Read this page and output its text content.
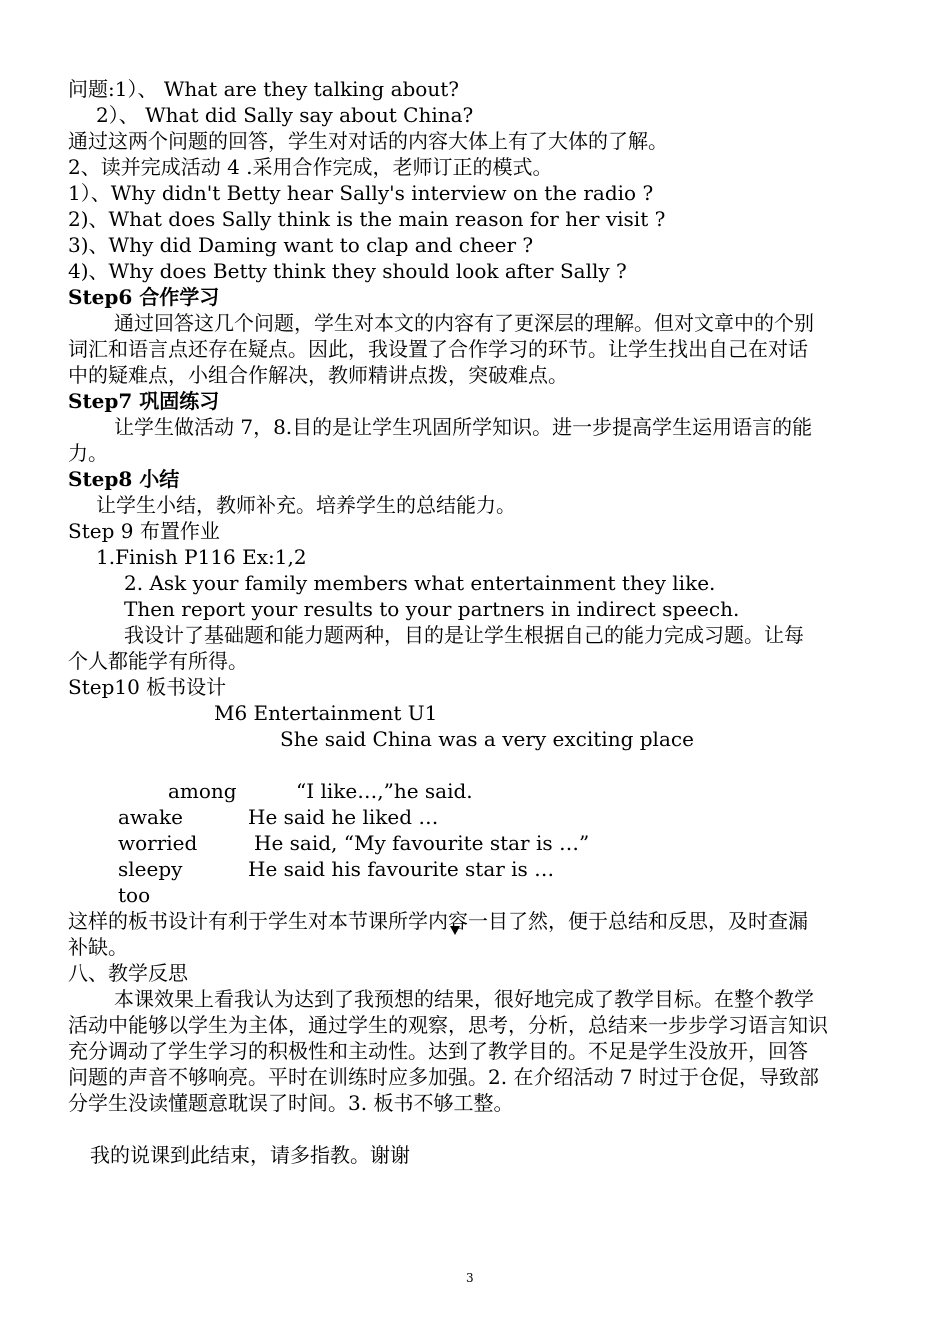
问题:1）、 What are they talking about?
2）、 What did Sally say about China?
通过这两个问题的回答，学生对对话的内容大体上有了大体的了解。
2、读并完成活动 4 .采用合作完成，老师订正的模式。
1）、Why didn't Betty hear Sally's interview on the radio ?
2)、What does Sally think is the main reason for her visit ?
3)、Why did Daming want to clap and cheer ?
4)、Why does Betty think they should look after Sally ?
Step6 合作学习
通过回答这几个问题，学生对本文的内容有了更深层的理解。但对文章中的个别
词汇和语言点还存在疑点。因此，我设置了合作学习的环节。让学生找出自己在对话
中的疑难点，小组合作解决，教师精讲点拨，突破难点。
Step7 巩固练习
让学生做活动 7，8.目的是让学生巩固所学知识。进一步提高学生运用语言的能
力。
Step8 小结
让学生小结，教师补充。培养学生的总结能力。
Step 9 布置作业
1.Finish P116 Ex:1,2
2. Ask your family members what entertainment they like.
Then report your results to your partners in indirect speech.
我设计了基础题和能力题两种，目的是让学生根据自己的能力完成习题。让每
个人都能学有所得。
Step10 板书设计
M6 Entertainment U1
She said China was a very exciting place
among	“I like…,”he said.
awake	He said he liked …
worried	He said, “My favourite star is …”
sleepy	He said his favourite star is …
too
这样的板书设计有利于学生对本节课所学内容一目了然，便于总结和反思，及时查漏
补缺。
八、教学反思
本课效果上看我认为达到了我预想的结果，很好地完成了教学目标。在整个教学
活动中能够以学生为主体，通过学生的观察，思考，分析，总结来一步步学习语言知识
充分调动了学生学习的积极性和主动性。达到了教学目的。不足是学生没放开，回答
问题的声音不够响亮。平时在训练时应多加强。2. 在介绍活动 7 时过于仓促，导致部
分学生没读懂题意耽误了时间。3. 板书不够工整。
我的说课到此结束，请多指教。谢谢
3
